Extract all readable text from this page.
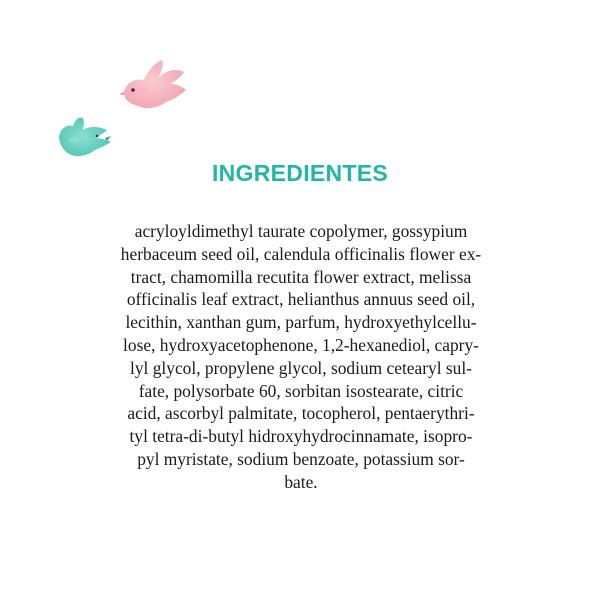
INGREDIENTES

acryloyldimethyl taurate copolymer, gossypium
herbaceum seed oil, calendula officinalis flower ex-
tract, chamomilla recutita flower extract, melissa
officinalis leaf extract, helianthus annuus seed oil,
lecithin, xanthan gum, parfum, hydroxyethylcellu-
lose, hydroxyacetophenone, 1,2-hexanediol, capry-
lyl glycol, propylene glycol, sodium cetearyl sul-
fate, polysorbate 60, sorbitan isostearate, citric
acid, ascorbyl palmitate, tocopherol, pentaerythri-
tyl tetra-di-butyl hidroxyhydrocinnamate, isopro-
pyl myristate, sodium benzoate, potassium sor-
bate.
